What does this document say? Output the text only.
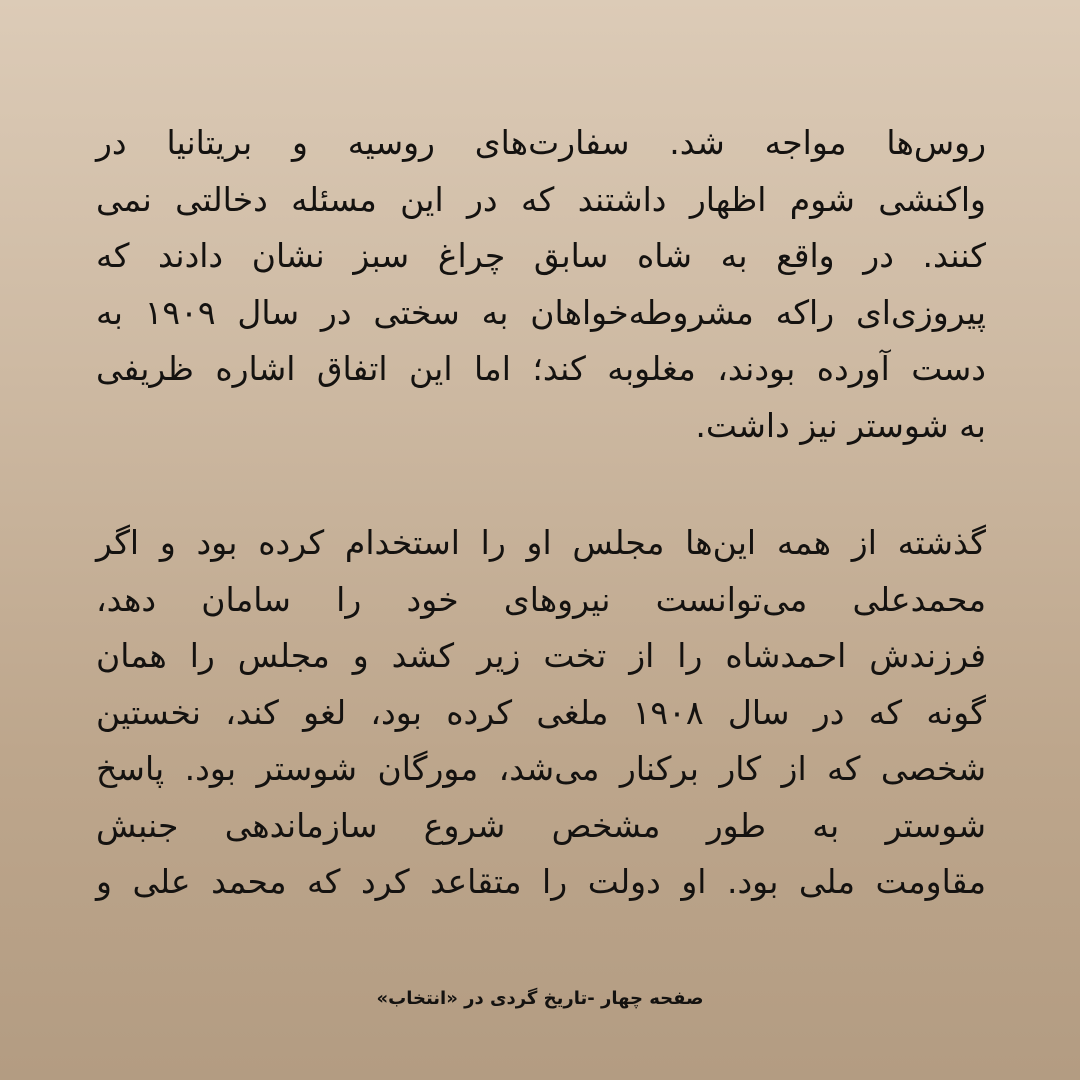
روس‌ها مواجه شد. سفارت‌های روسیه و بریتانیا در
واکنشی شوم اظهار داشتند که در این مسئله دخالتی نمی
کنند. در واقع به شاه سابق چراغ سبز نشان دادند که
پیروزی‌ای راکه مشروطه‌خواهان به سختی در سال ۱۹۰۹ به
دست آورده بودند، مغلوبه کند؛ اما این اتفاق اشاره ظریفی
به شوستر نیز داشت.
گذشته از همه این‌ها مجلس او را استخدام کرده بود و اگر
محمدعلی می‌توانست نیروهای خود را سامان دهد،
فرزندش احمدشاه را از تخت زیر کشد و مجلس را همان
گونه که در سال ۱۹۰۸ ملغی کرده بود، لغو کند، نخستین
شخصی که از کار برکنار می‌شد، مورگان شوستر بود. پاسخ
شوستر به طور مشخص شروع سازماندهی جنبش
مقاومت ملی بود. او دولت را متقاعد کرد که محمد علی و
صفحه چهار -تاریخ گردی در «انتخاب»
